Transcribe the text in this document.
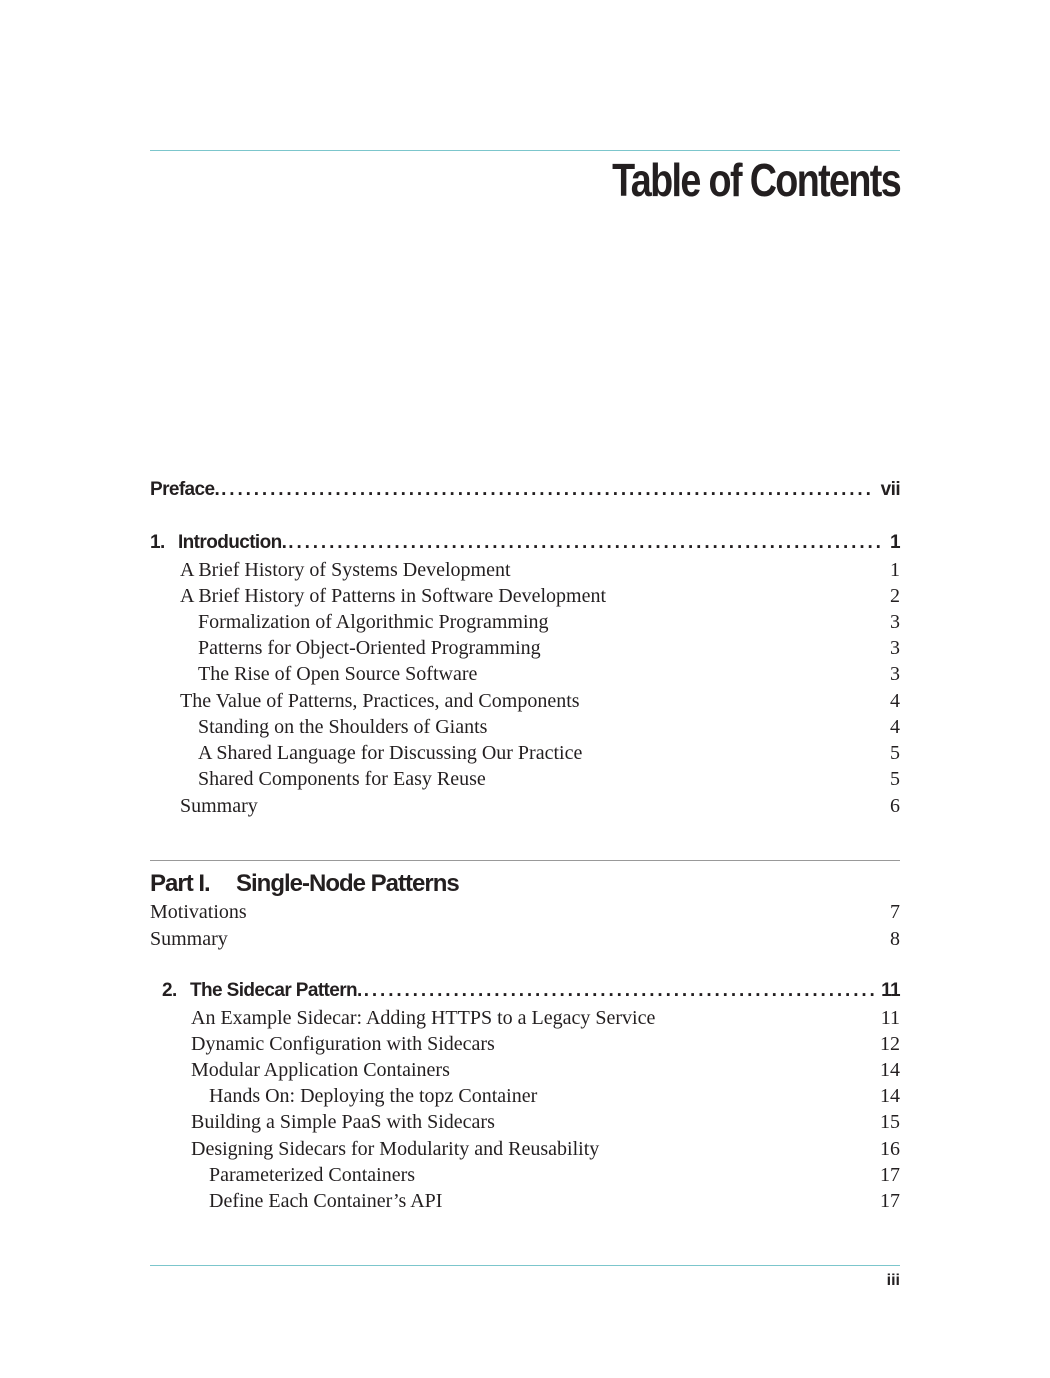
Table of Contents
Preface. . . .	vii
1. Introduction. . . .	1
A Brief History of Systems Development	1
A Brief History of Patterns in Software Development	2
Formalization of Algorithmic Programming	3
Patterns for Object-Oriented Programming	3
The Rise of Open Source Software	3
The Value of Patterns, Practices, and Components	4
Standing on the Shoulders of Giants	4
A Shared Language for Discussing Our Practice	5
Shared Components for Easy Reuse	5
Summary	6
Part I. Single-Node Patterns
Motivations	7
Summary	8
2. The Sidecar Pattern. . . .	11
An Example Sidecar: Adding HTTPS to a Legacy Service	11
Dynamic Configuration with Sidecars	12
Modular Application Containers	14
Hands On: Deploying the topz Container	14
Building a Simple PaaS with Sidecars	15
Designing Sidecars for Modularity and Reusability	16
Parameterized Containers	17
Define Each Container’s API	17
iii
